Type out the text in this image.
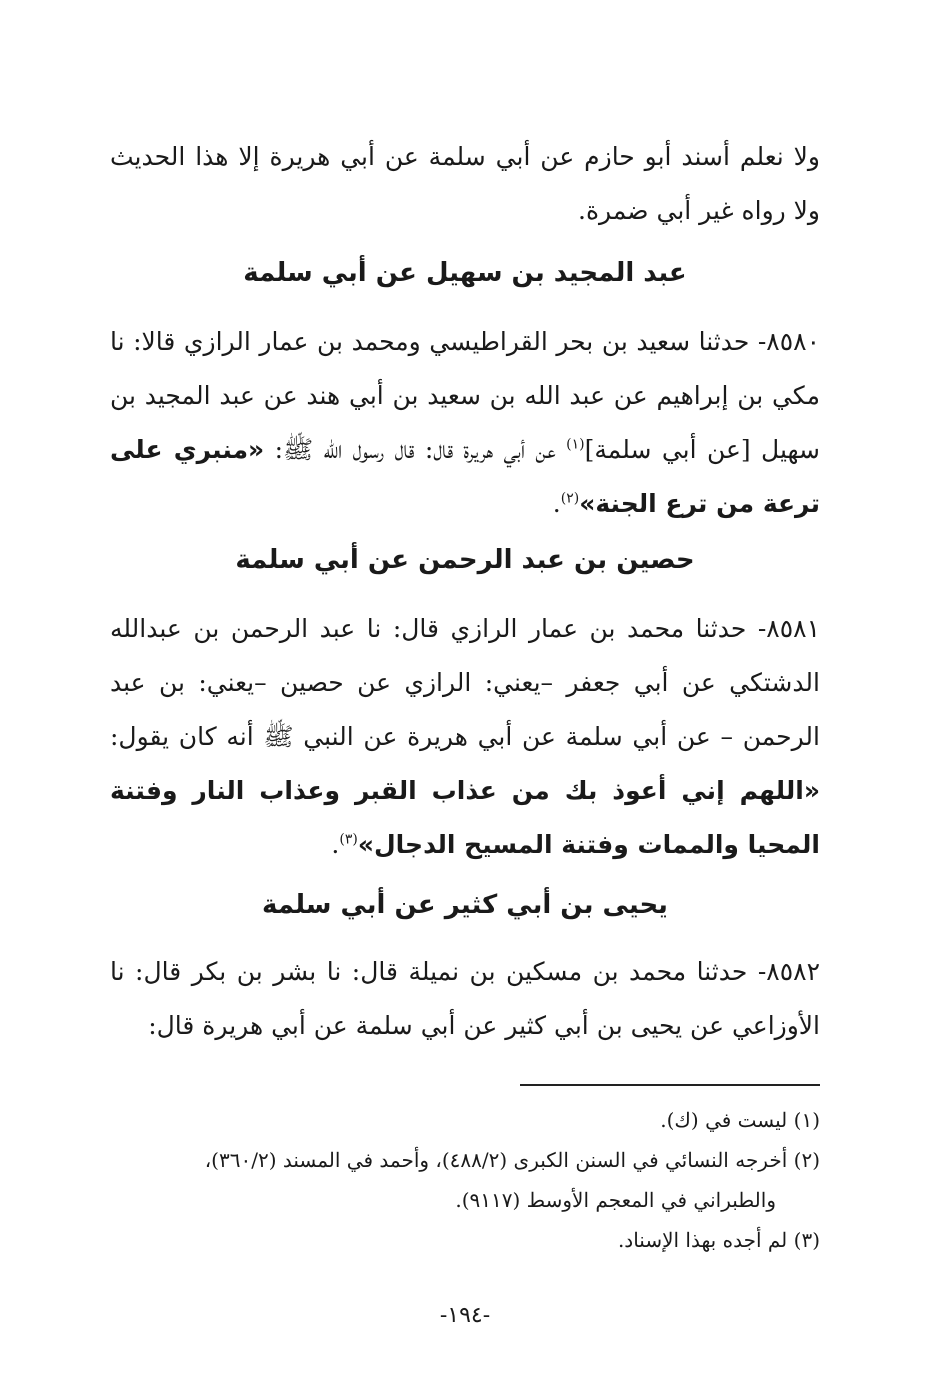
ولا نعلم أسند أبو حازم عن أبي سلمة عن أبي هريرة إلا هذا الحديث ولا رواه غير أبي ضمرة.

عبد المجيد بن سهيل عن أبي سلمة

٨٥٨٠- حدثنا سعيد بن بحر القراطيسي ومحمد بن عمار الرازي قالا: نا مكي بن إبراهيم عن عبد الله بن سعيد بن أبي هند عن عبد المجيد بن سهيل [عن أبي سلمة]$^{(١)}$ عن أبي هريرة قال: قال رسول الله ﷺ: «منبري على ترعة من ترع الجنة»$^{(٢)}$.

حصين بن عبد الرحمن عن أبي سلمة

٨٥٨١- حدثنا محمد بن عمار الرازي قال: نا عبد الرحمن بن عبدالله الدشتكي عن أبي جعفر –يعني: الرازي عن حصين –يعني: بن عبد الرحمن – عن أبي سلمة عن أبي هريرة عن النبي ﷺ أنه كان يقول: «اللهم إني أعوذ بك من عذاب القبر وعذاب النار وفتنة المحيا والممات وفتنة المسيح الدجال»$^{(٣)}$.

يحيى بن أبي كثير عن أبي سلمة

٨٥٨٢- حدثنا محمد بن مسكين بن نميلة قال: نا بشر بن بكر قال: نا الأوزاعي عن يحيى بن أبي كثير عن أبي سلمة عن أبي هريرة قال:

(١) ليست في (ك).

(٢) أخرجه النسائي في السنن الكبرى (٤٨٨/٢)، وأحمد في المسند (٣٦٠/٢)،
والطبراني في المعجم الأوسط (٩١١٧).

(٣) لم أجده بهذا الإسناد.

-١٩٤-
